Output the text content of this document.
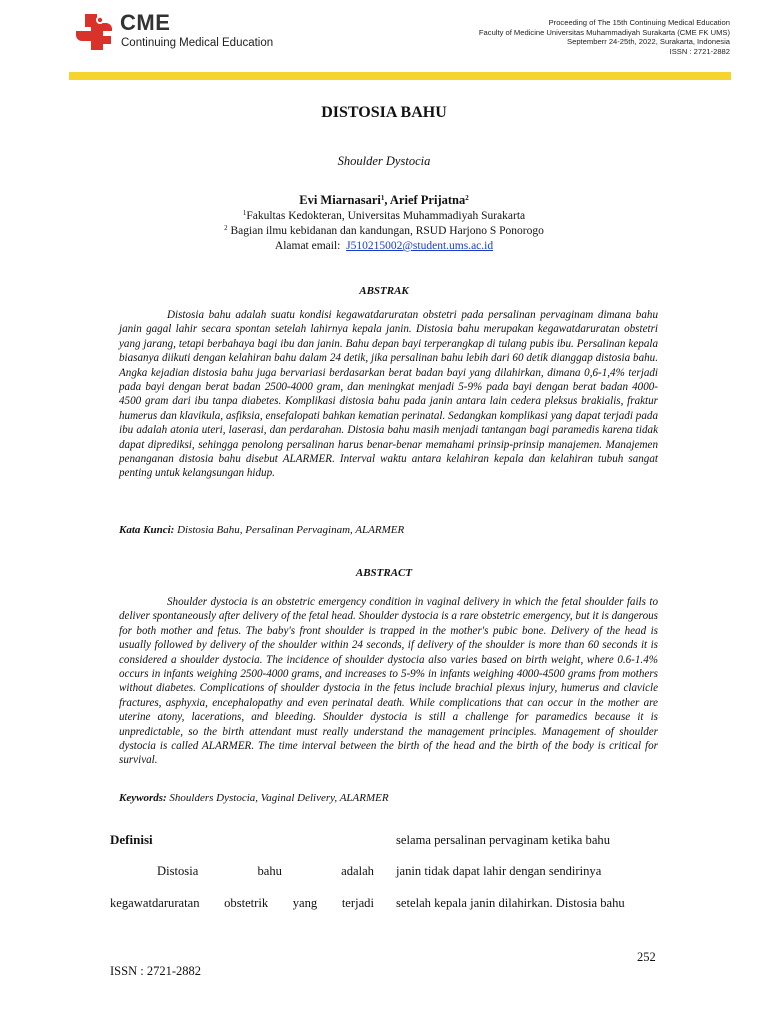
CME
Continuing Medical Education
Proceeding of The 15th Continuing Medical Education
Faculty of Medicine Universitas Muhammadiyah Surakarta (CME FK UMS)
Septemberr 24-25th, 2022, Surakarta, Indonesia
ISSN : 2721-2882
DISTOSIA BAHU
Shoulder Dystocia
Evi Miarnasari$^1$, Arief Prijatna$^2$
$^1$Fakultas Kedokteran, Universitas Muhammadiyah Surakarta
$^2$ Bagian ilmu kebidanan dan kandungan, RSUD Harjono S Ponorogo
Alamat email:  J510215002@student.ums.ac.id
ABSTRAK

Distosia bahu adalah suatu kondisi kegawatdaruratan obstetri pada persalinan pervaginam dimana bahu janin gagal lahir secara spontan setelah lahirnya kepala janin. Distosia bahu merupakan kegawatdaruratan obstetri yang jarang, tetapi berbahaya bagi ibu dan janin. Bahu depan bayi terperangkap di tulang pubis ibu. Persalinan kepala biasanya diikuti dengan kelahiran bahu dalam 24 detik, jika persalinan bahu lebih dari 60 detik dianggap distosia bahu. Angka kejadian distosia bahu juga bervariasi berdasarkan berat badan bayi yang dilahirkan, dimana 0,6-1,4% terjadi pada bayi dengan berat badan 2500-4000 gram, dan meningkat menjadi 5-9% pada bayi dengan berat badan 4000-4500 gram dari ibu tanpa diabetes. Komplikasi distosia bahu pada janin antara lain cedera pleksus brakialis, fraktur humerus dan klavikula, asfiksia, ensefalopati bahkan kematian perinatal. Sedangkan komplikasi yang dapat terjadi pada ibu adalah atonia uteri, laserasi, dan perdarahan. Distosia bahu masih menjadi tantangan bagi paramedis karena tidak dapat diprediksi, sehingga penolong persalinan harus benar-benar memahami prinsip-prinsip manajemen. Manajemen penanganan distosia bahu disebut ALARMER. Interval waktu antara kelahiran kepala dan kelahiran tubuh sangat penting untuk kelangsungan hidup.

Kata Kunci: Distosia Bahu, Persalinan Pervaginam, ALARMER
ABSTRACT

Shoulder dystocia is an obstetric emergency condition in vaginal delivery in which the fetal shoulder fails to deliver spontaneously after delivery of the fetal head. Shoulder dystocia is a rare obstetric emergency, but it is dangerous for both mother and fetus. The baby's front shoulder is trapped in the mother's pubic bone. Delivery of the head is usually followed by delivery of the shoulder within 24 seconds, if delivery of the shoulder is more than 60 seconds it is considered a shoulder dystocia. The incidence of shoulder dystocia also varies based on birth weight, where 0.6-1.4% occurs in infants weighing 2500-4000 grams, and increases to 5-9% in infants weighing 4000-4500 grams from mothers without diabetes. Complications of shoulder dystocia in the fetus include brachial plexus injury, humerus and clavicle fractures, asphyxia, encephalopathy and even perinatal death. While complications that can occur in the mother are uterine atony, lacerations, and bleeding. Shoulder dystocia is still a challenge for paramedics because it is unpredictable, so the birth attendant must really understand the management principles. Management of shoulder dystocia is called ALARMER. The time interval between the birth of the head and the birth of the body is critical for survival.

Keywords: Shoulders Dystocia, Vaginal Delivery, ALARMER
Definisi
Distosia	bahu	adalah
kegawatdaruratan obstetrik yang terjadi
selama persalinan pervaginam ketika bahu
janin tidak dapat lahir dengan sendirinya
setelah kepala janin dilahirkan. Distosia bahu
252
ISSN : 2721-2882
